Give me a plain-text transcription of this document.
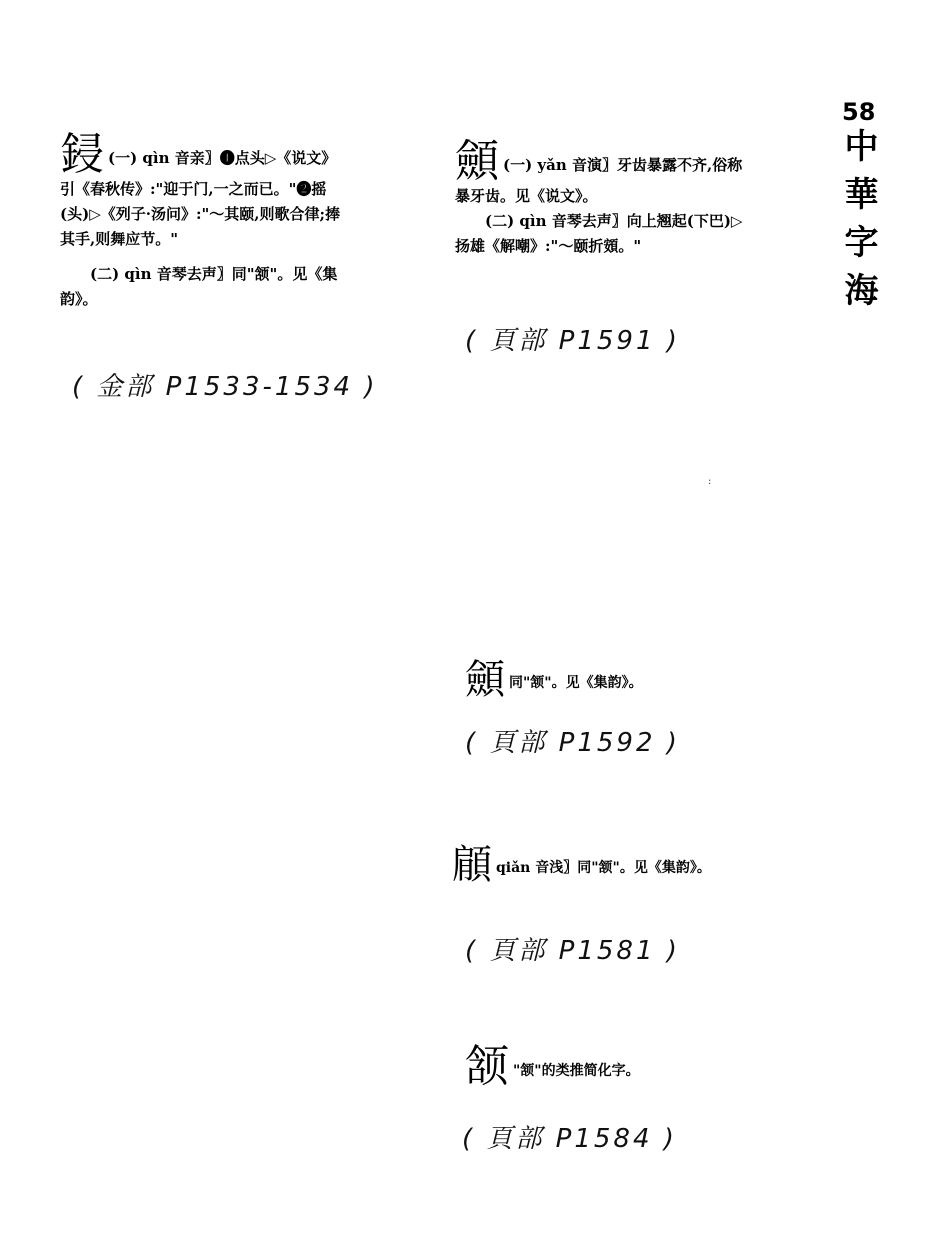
58
中華字海

鋟 (一) qìn 音亲〗❶点头▷《说文》引《春秋传》:"迎于门,一之而已。"❷摇(头)▷《列子·汤问》:"～其颐,则歌合律;捧其手,则舞应节。"

(二) qìn 音琴去声〗同"颔"。见《集韵》。

( 金部 P1533-1534 )

顩 (一) yǎn 音演〗牙齿暴露不齐,俗称暴牙齿。见《说文》。

(二) qìn 音琴去声〗向上翘起(下巴)▷扬雄《解嘲》:"～颐折頞。"

( 頁部 P1591 )
:
顩同"颔"。见《集韵》。
( 頁部 P1592 )
顅qiǎn 音浅〗同"颔"。见《集韵》。
( 頁部 P1581 )
颔 "颔"的类推简化字。
( 頁部 P1584 )
